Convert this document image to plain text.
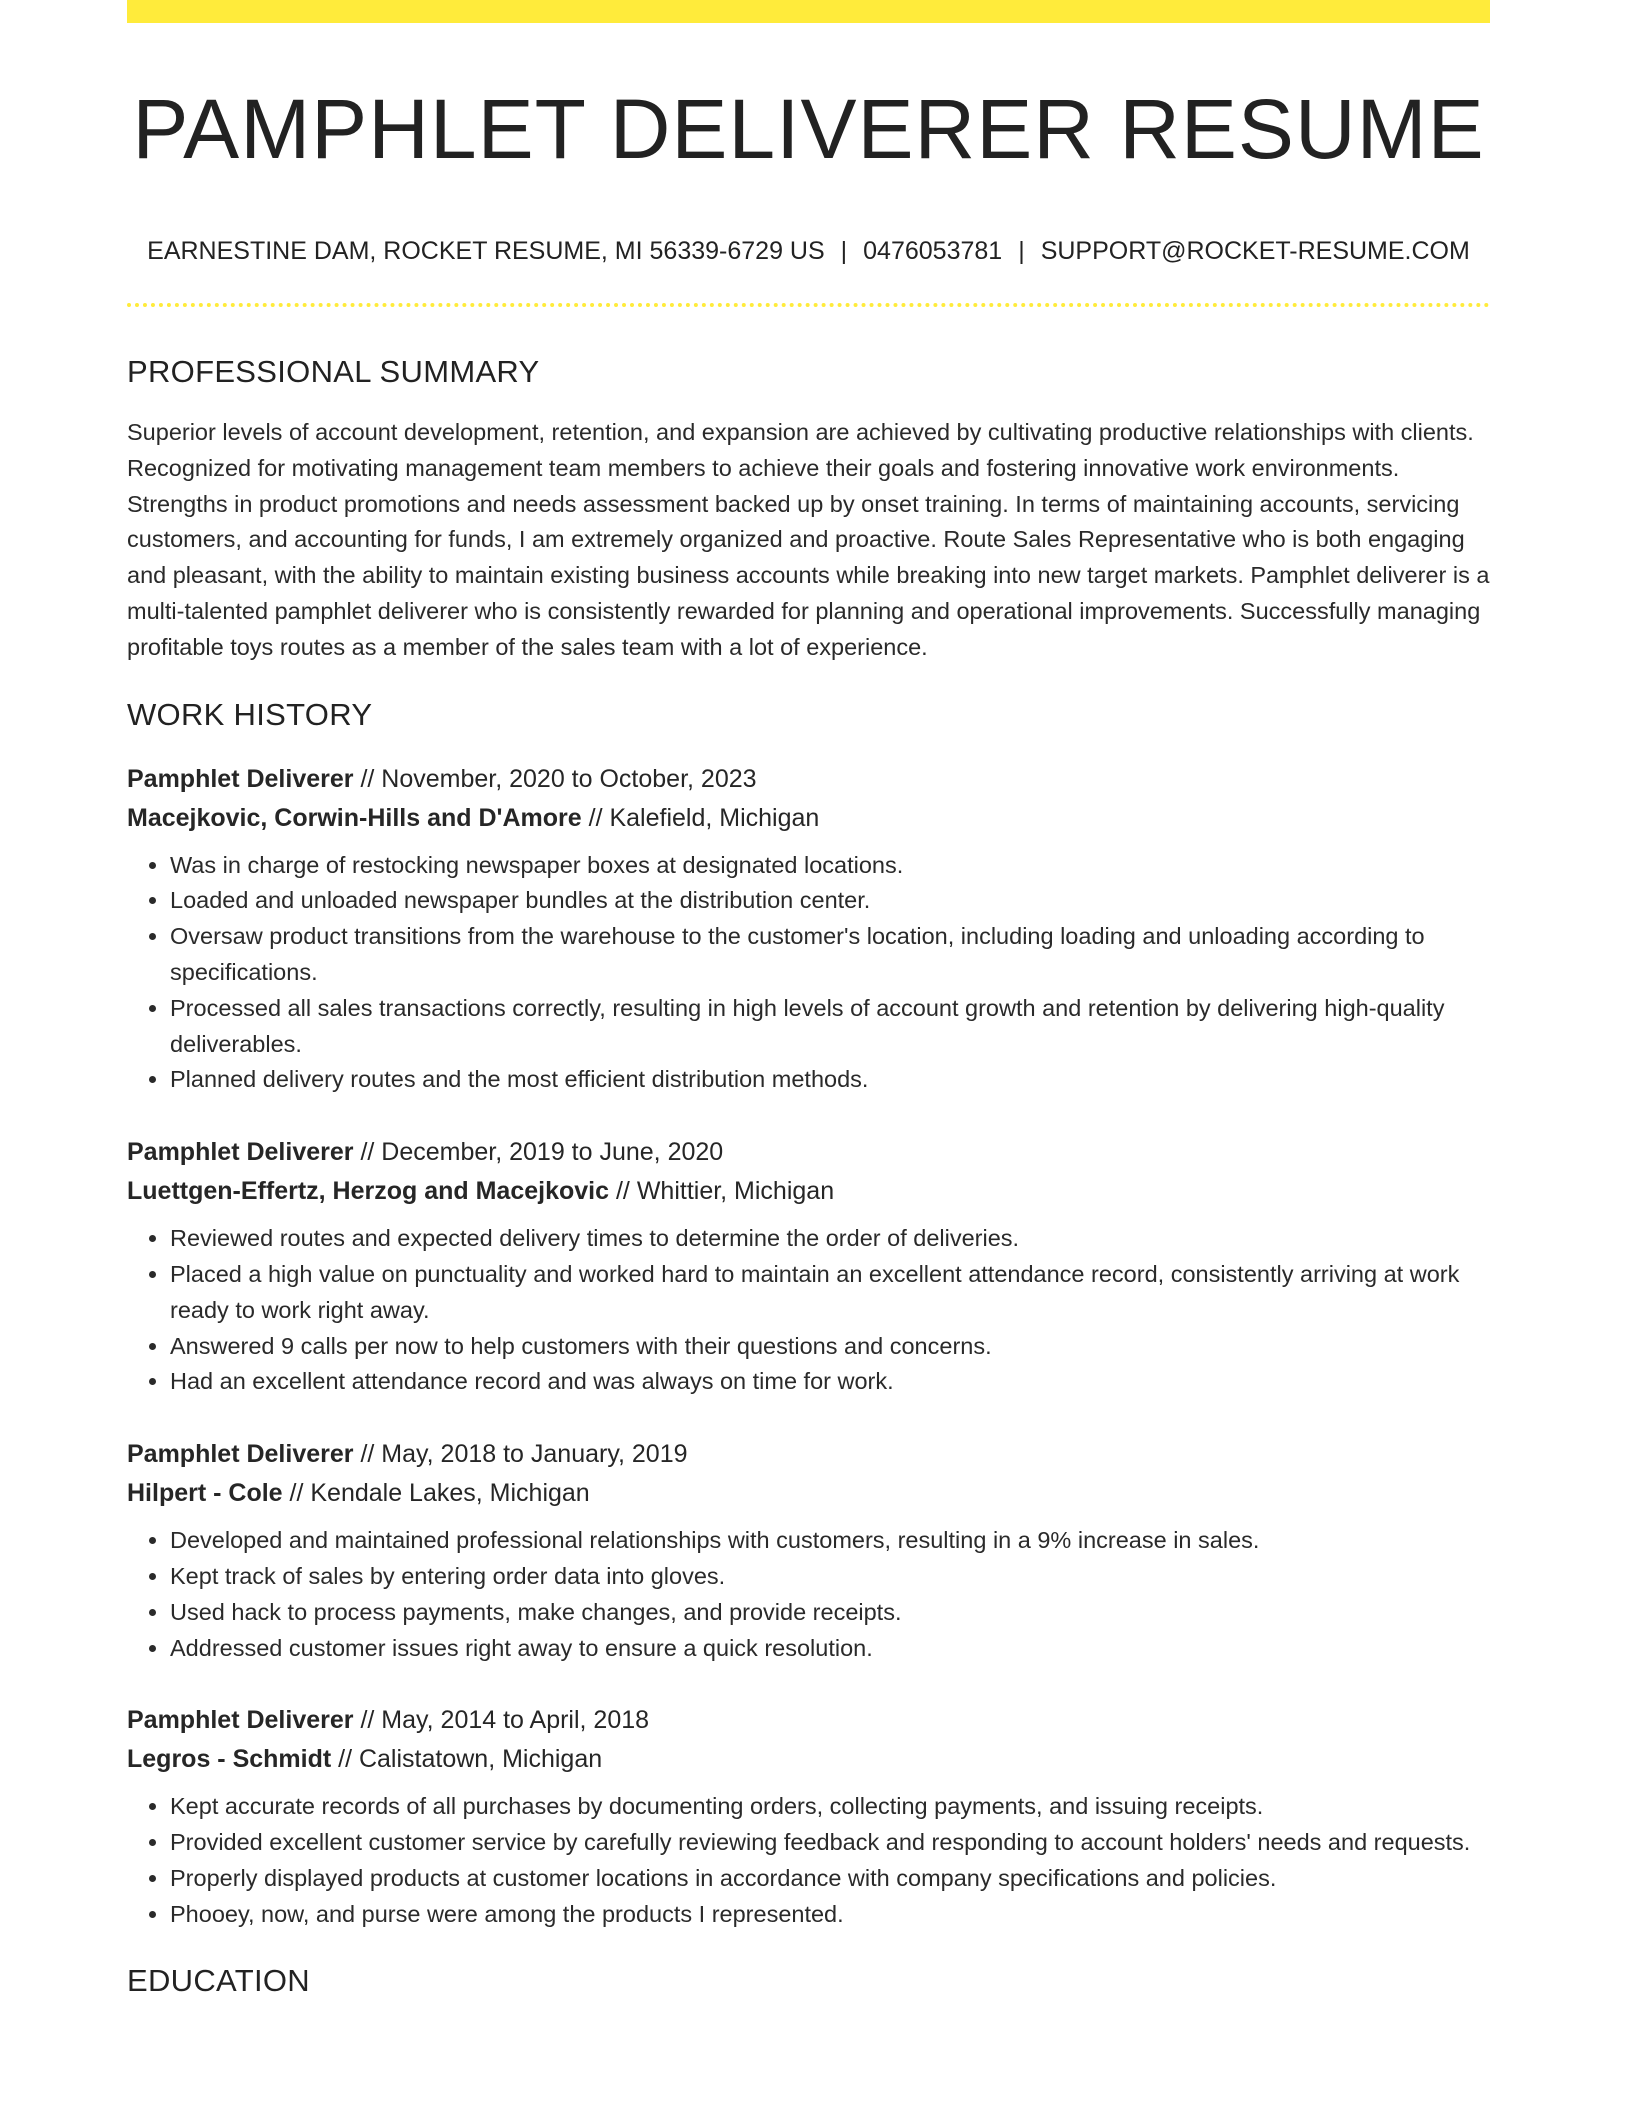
PAMPHLET DELIVERER RESUME
EARNESTINE DAM, ROCKET RESUME, MI 56339-6729 US | 0476053781 | SUPPORT@ROCKET-RESUME.COM
PROFESSIONAL SUMMARY
Superior levels of account development, retention, and expansion are achieved by cultivating productive relationships with clients. Recognized for motivating management team members to achieve their goals and fostering innovative work environments. Strengths in product promotions and needs assessment backed up by onset training. In terms of maintaining accounts, servicing customers, and accounting for funds, I am extremely organized and proactive. Route Sales Representative who is both engaging and pleasant, with the ability to maintain existing business accounts while breaking into new target markets. Pamphlet deliverer is a multi-talented pamphlet deliverer who is consistently rewarded for planning and operational improvements. Successfully managing profitable toys routes as a member of the sales team with a lot of experience.
WORK HISTORY
Pamphlet Deliverer // November, 2020 to October, 2023
Macejkovic, Corwin-Hills and D'Amore // Kalefield, Michigan
• Was in charge of restocking newspaper boxes at designated locations.
• Loaded and unloaded newspaper bundles at the distribution center.
• Oversaw product transitions from the warehouse to the customer's location, including loading and unloading according to specifications.
• Processed all sales transactions correctly, resulting in high levels of account growth and retention by delivering high-quality deliverables.
• Planned delivery routes and the most efficient distribution methods.
Pamphlet Deliverer // December, 2019 to June, 2020
Luettgen-Effertz, Herzog and Macejkovic // Whittier, Michigan
• Reviewed routes and expected delivery times to determine the order of deliveries.
• Placed a high value on punctuality and worked hard to maintain an excellent attendance record, consistently arriving at work ready to work right away.
• Answered 9 calls per now to help customers with their questions and concerns.
• Had an excellent attendance record and was always on time for work.
Pamphlet Deliverer // May, 2018 to January, 2019
Hilpert - Cole // Kendale Lakes, Michigan
• Developed and maintained professional relationships with customers, resulting in a 9% increase in sales.
• Kept track of sales by entering order data into gloves.
• Used hack to process payments, make changes, and provide receipts.
• Addressed customer issues right away to ensure a quick resolution.
Pamphlet Deliverer // May, 2014 to April, 2018
Legros - Schmidt // Calistatown, Michigan
• Kept accurate records of all purchases by documenting orders, collecting payments, and issuing receipts.
• Provided excellent customer service by carefully reviewing feedback and responding to account holders' needs and requests.
• Properly displayed products at customer locations in accordance with company specifications and policies.
• Phooey, now, and purse were among the products I represented.
EDUCATION
